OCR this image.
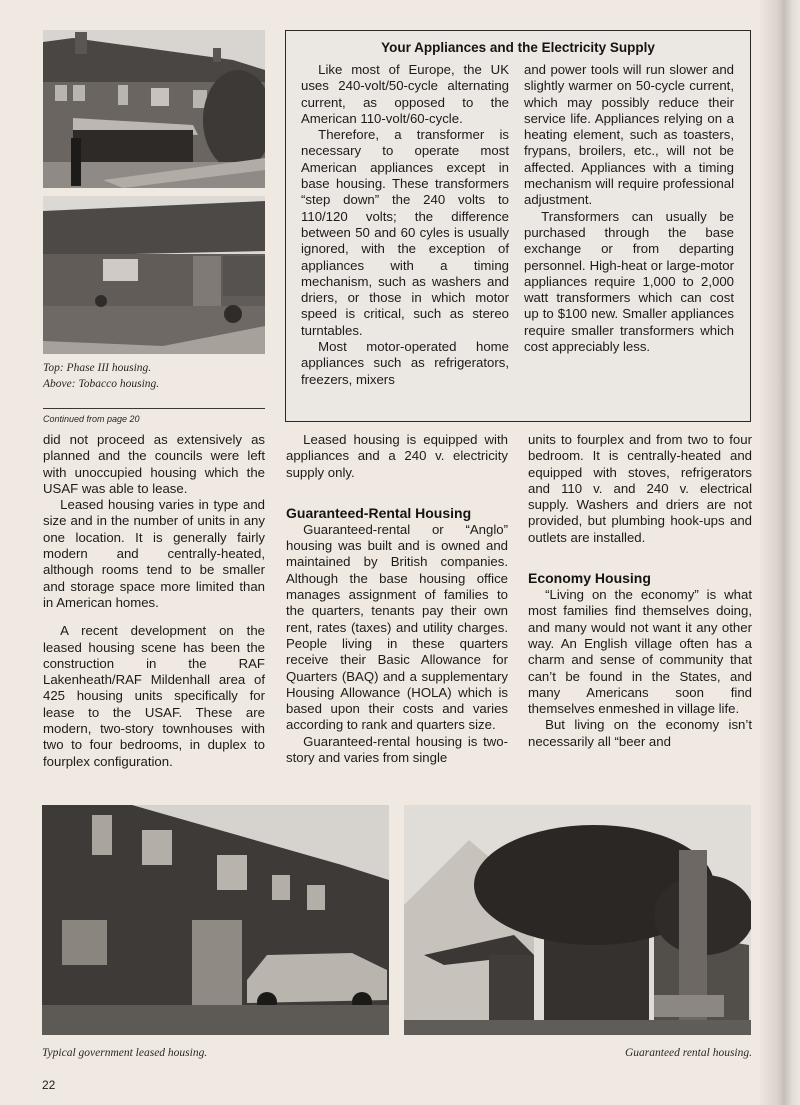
Top: Phase III housing.
Above: Tobacco housing.
Continued from page 20
Your Appliances and the Electricity Supply

Like most of Europe, the UK uses 240-volt/50-cycle alternating current, as opposed to the American 110-volt/60-cycle.

Therefore, a transformer is necessary to operate most American appliances except in base housing. These transformers “step down” the 240 volts to 110/120 volts; the difference between 50 and 60 cyles is usually ignored, with the exception of appliances with a timing mechanism, such as washers and driers, or those in which motor speed is critical, such as stereo turntables.

Most motor-operated home appliances such as refrigerators, freezers, mixers

and power tools will run slower and slightly warmer on 50-cycle current, which may possibly reduce their service life. Appliances relying on a heating element, such as toasters, frypans, broilers, etc., will not be affected. Appliances with a timing mechanism will require professional adjustment.

Transformers can usually be purchased through the base exchange or from departing personnel. High-heat or large-motor appliances require 1,000 to 2,000 watt transformers which can cost up to $100 new. Smaller appliances require smaller transformers which cost appreciably less.

did not proceed as extensively as planned and the councils were left with unoccupied housing which the USAF was able to lease.

Leased housing varies in type and size and in the number of units in any one location. It is generally fairly modern and centrally-heated, although rooms tend to be smaller and storage space more limited than in American homes.

A recent development on the leased housing scene has been the construction in the RAF Lakenheath/RAF Mildenhall area of 425 housing units specifically for lease to the USAF. These are modern, two-story townhouses with two to four bedrooms, in duplex to fourplex configuration.

Leased housing is equipped with appliances and a 240 v. electricity supply only.

Guaranteed-Rental Housing

Guaranteed-rental or “Anglo” housing was built and is owned and maintained by British companies. Although the base housing office manages assignment of families to the quarters, tenants pay their own rent, rates (taxes) and utility charges. People living in these quarters receive their Basic Allowance for Quarters (BAQ) and a supplementary Housing Allowance (HOLA) which is based upon their costs and varies according to rank and quarters size.

Guaranteed-rental housing is two-story and varies from single

units to fourplex and from two to four bedroom. It is centrally-heated and equipped with stoves, refrigerators and 110 v. and 240 v. electrical supply. Washers and driers are not provided, but plumbing hook-ups and outlets are installed.

Economy Housing

“Living on the economy” is what most families find themselves doing, and many would not want it any other way. An English village often has a charm and sense of community that can’t be found in the States, and many Americans soon find themselves enmeshed in village life.

But living on the economy isn’t necessarily all “beer and

Typical government leased housing.	Guaranteed rental housing.
22
